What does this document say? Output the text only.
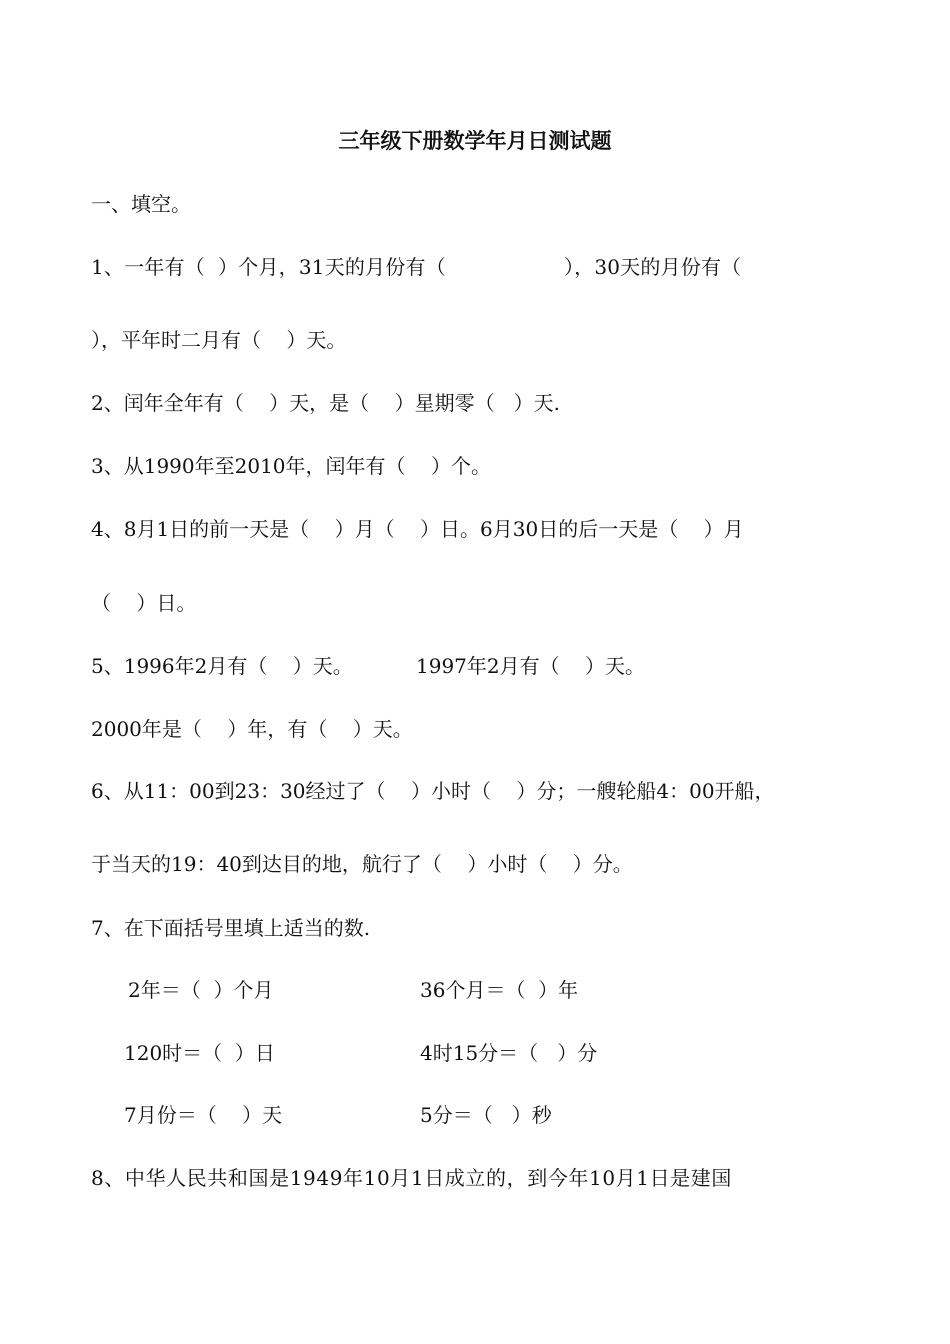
三年级下册数学年月日测试题
一、填空。
1、一年有（  ）个月，31天的月份有（                  ），30天的月份有（
），平年时二月有（    ）天。
2、闰年全年有（    ）天，是（    ）星期零（   ）天.
3、从1990年至2010年，闰年有（    ）个。
4、8月1日的前一天是（    ）月（    ）日。6月30日的后一天是（    ）月
（    ）日。
5、1996年2月有（    ）天。	1997年2月有（    ）天。
2000年是（    ）年，有（    ）天。
6、从11：00到23：30经过了（    ）小时（    ）分；一艘轮船4：00开船，
于当天的19：40到达目的地，航行了（    ）小时（    ）分。
7、在下面括号里填上适当的数.
2年＝（  ）个月	36个月＝（  ）年
120时＝（  ）日	4时15分＝（   ）分
7月份＝（    ）天	5分＝（   ）秒
8、中华人民共和国是1949年10月1日成立的，到今年10月1日是建国
